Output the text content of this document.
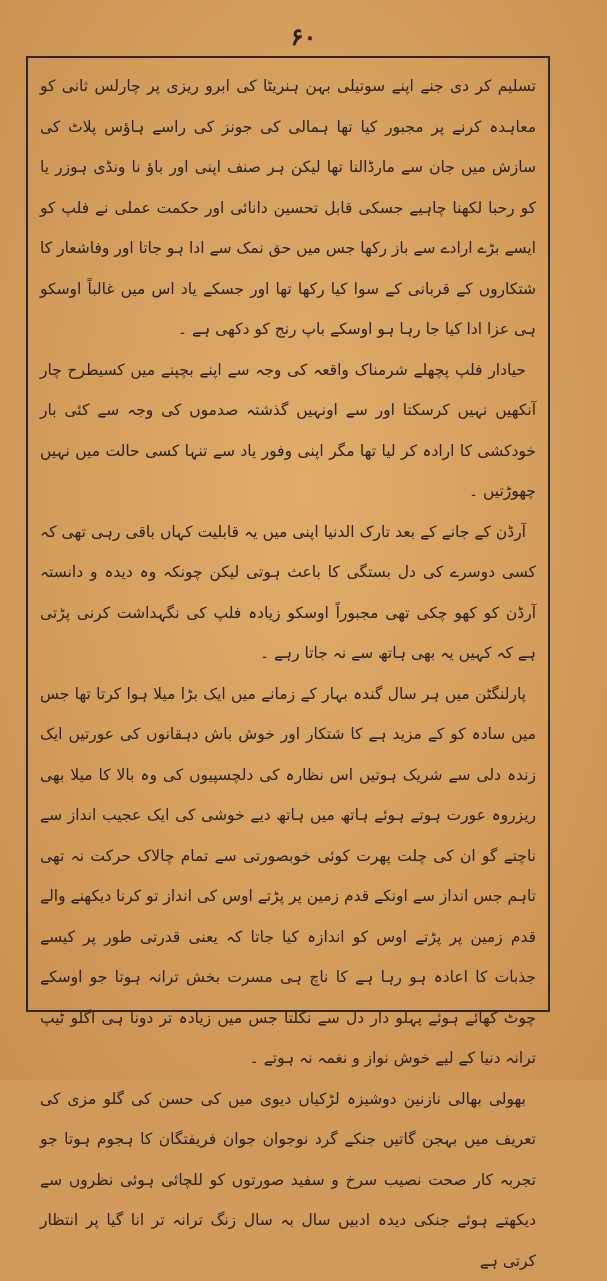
۶۰

تسلیم کر دی جنے اپنے سوتیلی بہن ہنریٹا کی ابرو ریزی پر چارلس ثانی کو معاہدہ کرنے پر مجبور کیا تھا ہمالی کی جونز کی راسے ہاؤس پلاٹ کی سازش میں جان سے مارڈالنا تھا لیکن ہر صنف اپنی اور باؤ نا ونڈی ہوزر یا کو رحبا لکھنا چاہیے جسکی قابل تحسین دانائی اور حکمت عملی نے فلپ کو ایسے بڑے ارادے سے باز رکھا جس میں حق نمک سے ادا ہو جاتا اور وفاشعار کا شتکاروں کے قربانی کے سوا کیا رکھا تھا اور جسکے یاد اس میں غالباً اوسکو ہی عزا ادا کیا جا رہا ہو اوسکے باپ رنج کو دکھی ہے ۔

حیادار فلپ پچھلے شرمناک واقعہ کی وجہ سے اپنے بچپنے میں کسیطرح چار آنکھیں نہیں کرسکتا اور سے اونہیں گذشتہ صدموں کی وجہ سے کئی بار خودکشی کا ارادہ کر لیا تھا مگر اپنی وفور یاد سے تنہا کسی حالت میں نہیں چھوڑتیں ۔

آرڈن کے جانے کے بعد تارک الدنیا اپنی میں یہ قابلیت کہاں باقی رہی تھی کہ کسی دوسرے کی دل بستگی کا باعث ہوتی لیکن چونکہ وہ دیدہ و دانستہ آرڈن کو کھو چکی تھی مجبوراً اوسکو زیادہ فلپ کی نگہداشت کرنی پڑتی ہے کہ کہیں یہ بھی ہاتھ سے نہ جاتا رہے ۔

پارلنگٹن میں ہر سال گندہ بہار کے زمانے میں ایک بڑا میلا ہوا کرتا تھا جس میں سادہ کو کے مزید ہے کا شتکار اور خوش باش دہقانوں کی عورتیں ایک زندہ دلی سے شریک ہوتیں اس نظارہ کی دلچسپیوں کی وہ بالا کا میلا بھی ریزروہ عورت ہوتے ہوئے ہاتھ میں ہاتھ دیے خوشی کی ایک عجیب انداز سے ناچتے گو ان کی چلت پھرت کوئی خوبصورتی سے تمام چالاک حرکت نہ تھی تاہم جس انداز سے اونکے قدم زمین پر پڑتے اوس کی انداز تو کرنا دیکھنے والے قدم زمین پر پڑتے اوس کو اندازہ کیا جاتا کہ یعنی قدرتی طور پر کیسے جذبات کا اعادہ ہو رہا ہے کا ناچ ہی مسرت بخش ترانہ ہوتا جو اوسکے چوٹ کھائے ہوئے پہلو دار دل سے نکلتا جس میں زیادہ تر دونا ہی اگلو ٹیپ ترانہ دنیا کے لیے خوش نواز و نغمہ نہ ہوتے ۔

بھولی بھالی نازنین دوشیزہ لڑکیاں دیوی میں کی حسن کی گلو مزی کی تعریف میں بہجن گاتیں جنکے گرد نوجوان جوان فریفتگان کا ہجوم ہوتا جو تجربہ کار صحت نصیب سرخ و سفید صورتوں کو للچائی ہوئی نظروں سے دیکھتے ہوئے جنکی دیدہ ادبیں سال بہ سال زنگ ترانہ تر انا گیا پر انتظار کرتی ہے
